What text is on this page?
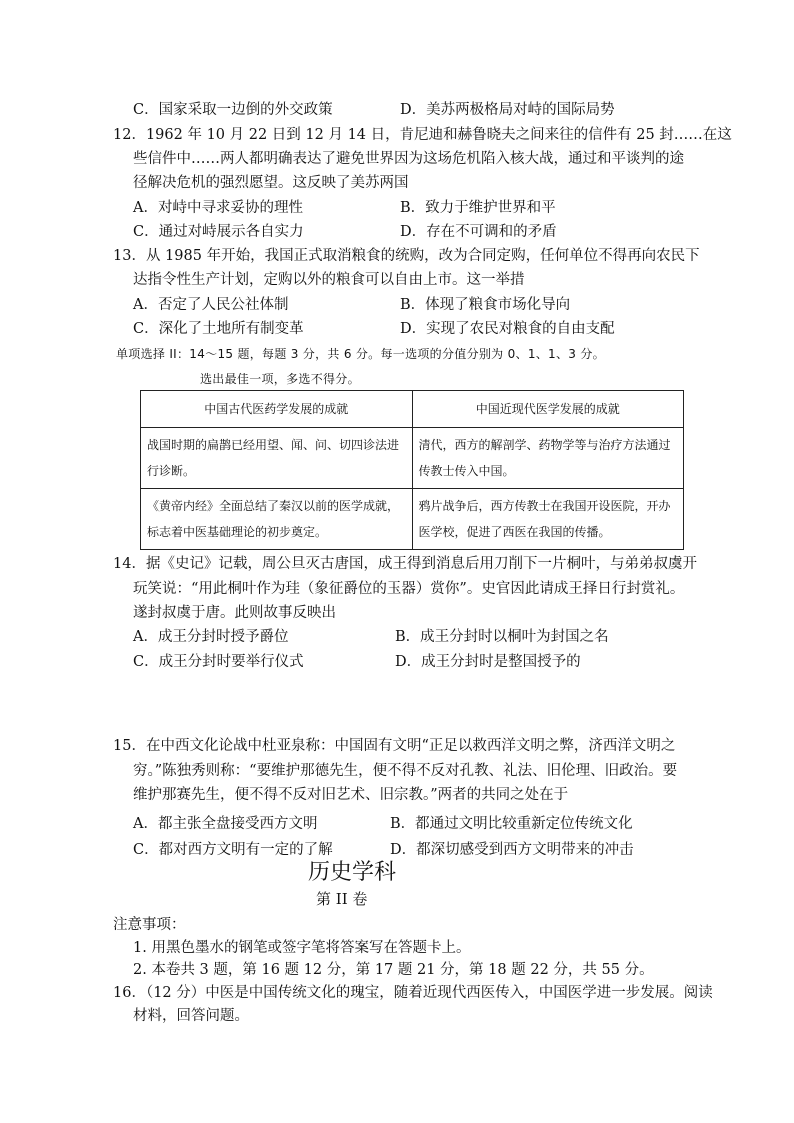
C．国家采取一边倒的外交政策	D．美苏两极格局对峙的国际局势
12．1962 年 10 月 22 日到 12 月 14 日，肯尼迪和赫鲁晓夫之间来往的信件有 25 封……在这
些信件中……两人都明确表达了避免世界因为这场危机陷入核大战，通过和平谈判的途
径解决危机的强烈愿望。这反映了美苏两国
A．对峙中寻求妥协的理性	B．致力于维护世界和平
C．通过对峙展示各自实力	D．存在不可调和的矛盾
13．从 1985 年开始，我国正式取消粮食的统购，改为合同定购，任何单位不得再向农民下
达指令性生产计划，定购以外的粮食可以自由上市。这一举措
A．否定了人民公社体制	B．体现了粮食市场化导向
C．深化了土地所有制变革	D．实现了农民对粮食的自由支配
单项选择 II：14～15 题，每题 3 分，共 6 分。每一选项的分值分别为 0、1、1、3 分。
选出最佳一项，多选不得分。
中国古代医药学发展的成就	中国近现代医学发展的成就
战国时期的扁鹊已经用望、闻、问、切四诊法进行诊断。	清代，西方的解剖学、药物学等与治疗方法通过传教士传入中国。
《黄帝内经》全面总结了秦汉以前的医学成就，标志着中医基础理论的初步奠定。	鸦片战争后，西方传教士在我国开设医院，开办医学校，促进了西医在我国的传播。
14．据《史记》记载，周公旦灭古唐国，成王得到消息后用刀削下一片桐叶，与弟弟叔虞开
玩笑说：“用此桐叶作为珪（象征爵位的玉器）赏你”。史官因此请成王择日行封赏礼。
遂封叔虞于唐。此则故事反映出
A．成王分封时授予爵位	B．成王分封时以桐叶为封国之名
C．成王分封时要举行仪式	D．成王分封时是整国授予的
15．在中西文化论战中杜亚泉称：中国固有文明“正足以救西洋文明之弊，济西洋文明之
穷。”陈独秀则称：“要维护那德先生，便不得不反对孔教、礼法、旧伦理、旧政治。要
维护那赛先生，便不得不反对旧艺术、旧宗教。”两者的共同之处在于
A．都主张全盘接受西方文明	B．都通过文明比较重新定位传统文化
C．都对西方文明有一定的了解	D．都深切感受到西方文明带来的冲击
历史学科
第 II 卷
注意事项：
1. 用黑色墨水的钢笔或签字笔将答案写在答题卡上。
2. 本卷共 3 题，第 16 题 12 分，第 17 题 21 分，第 18 题 22 分，共 55 分。
16．（12 分）中医是中国传统文化的瑰宝，随着近现代西医传入，中国医学进一步发展。阅读
材料，回答问题。
